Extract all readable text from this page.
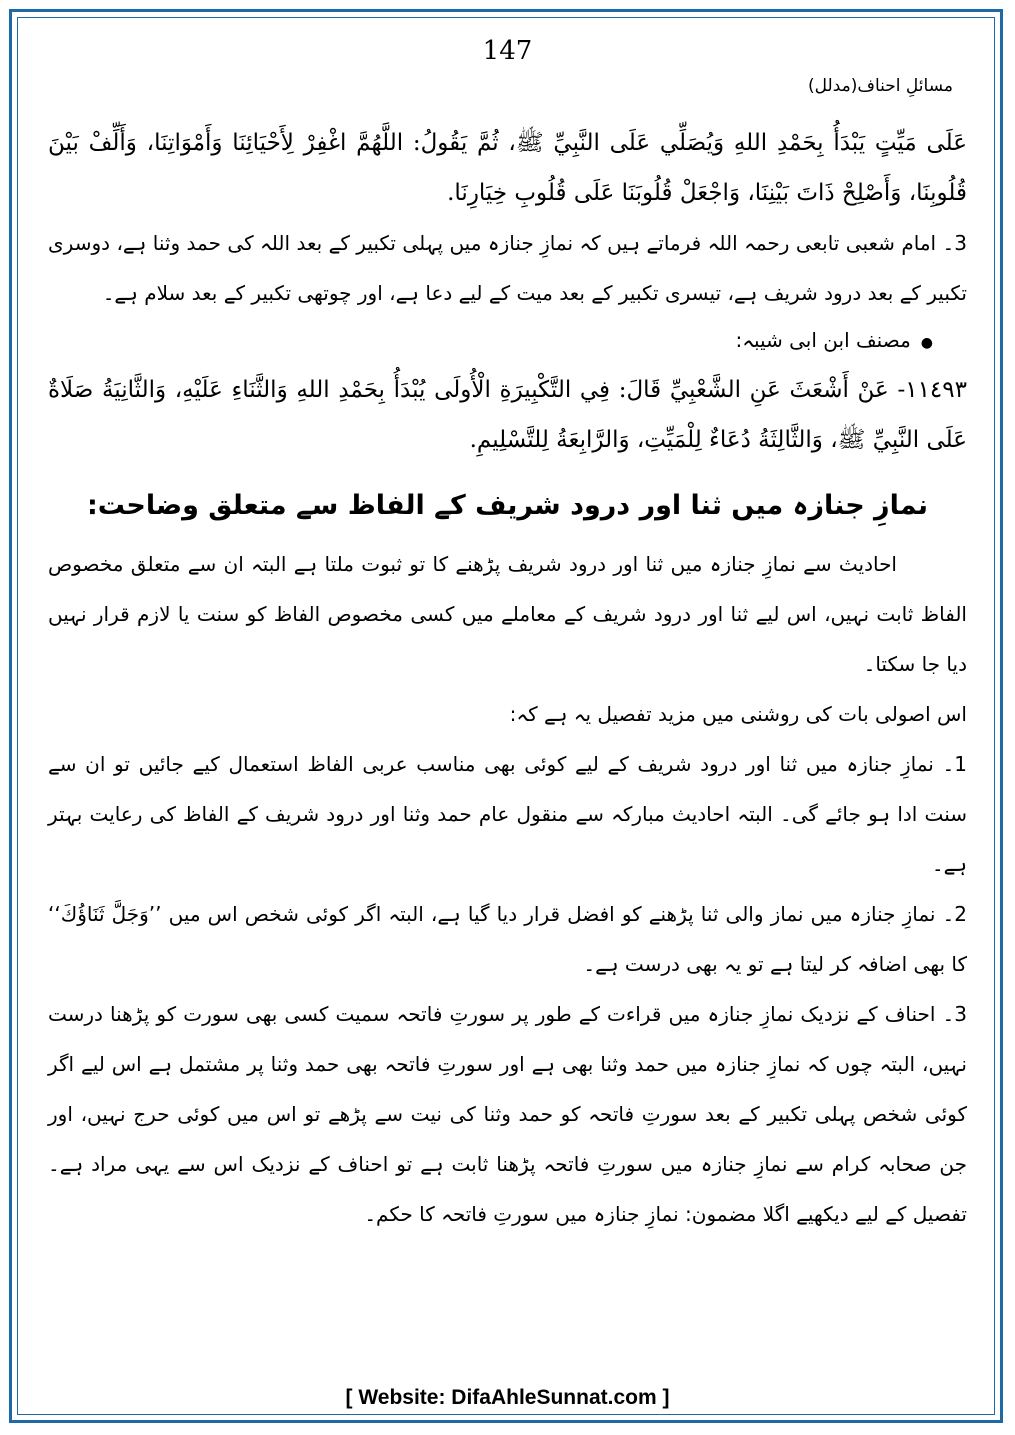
147
مسائلِ احناف(مدلل)

عَلَى مَيِّتٍ يَبْدَأُ بِحَمْدِ اللهِ وَيُصَلِّي عَلَى النَّبِيِّ ﷺ، ثُمَّ يَقُولُ: اللَّهُمَّ اغْفِرْ لِأَحْيَائِنَا وَأَمْوَاتِنَا، وَأَلِّفْ بَيْنَ قُلُوبِنَا، وَأَصْلِحْ ذَاتَ بَيْنِنَا، وَاجْعَلْ قُلُوبَنَا عَلَى قُلُوبِ خِيَارِنَا.

3۔ امام شعبی تابعی رحمہ اللہ فرماتے ہیں کہ نمازِ جنازہ میں پہلی تکبیر کے بعد اللہ کی حمد وثنا ہے، دوسری تکبیر کے بعد درود شریف ہے، تیسری تکبیر کے بعد میت کے لیے دعا ہے، اور چوتھی تکبیر کے بعد سلام ہے۔

●مصنف ابن ابی شیبہ:

١١٤٩٣- عَنْ أَشْعَثَ عَنِ الشَّعْبِيِّ قَالَ: فِي التَّكْبِيرَةِ الْأُولَى يُبْدَأُ بِحَمْدِ اللهِ وَالثَّنَاءِ عَلَيْهِ، وَالثَّانِيَةُ صَلَاةٌ عَلَى النَّبِيِّ ﷺ، وَالثَّالِثَةُ دُعَاءٌ لِلْمَيِّتِ، وَالرَّابِعَةُ لِلتَّسْلِيمِ.

نمازِ جنازہ میں ثنا اور درود شریف کے الفاظ سے متعلق وضاحت:

احادیث سے نمازِ جنازہ میں ثنا اور درود شریف پڑھنے کا تو ثبوت ملتا ہے البتہ ان سے متعلق مخصوص الفاظ ثابت نہیں، اس لیے ثنا اور درود شریف کے معاملے میں کسی مخصوص الفاظ کو سنت یا لازم قرار نہیں دیا جا سکتا۔

اس اصولی بات کی روشنی میں مزید تفصیل یہ ہے کہ:

1۔ نمازِ جنازہ میں ثنا اور درود شریف کے لیے کوئی بھی مناسب عربی الفاظ استعمال کیے جائیں تو ان سے سنت ادا ہو جائے گی۔ البتہ احادیث مبارکہ سے منقول عام حمد وثنا اور درود شریف کے الفاظ کی رعایت بہتر ہے۔

2۔ نمازِ جنازہ میں نماز والی ثنا پڑھنے کو افضل قرار دیا گیا ہے، البتہ اگر کوئی شخص اس میں ’’وَجَلَّ ثَنَاؤُكَ‘‘ کا بھی اضافہ کر لیتا ہے تو یہ بھی درست ہے۔

3۔ احناف کے نزدیک نمازِ جنازہ میں قراءت کے طور پر سورتِ فاتحہ سمیت کسی بھی سورت کو پڑھنا درست نہیں، البتہ چوں کہ نمازِ جنازہ میں حمد وثنا بھی ہے اور سورتِ فاتحہ بھی حمد وثنا پر مشتمل ہے اس لیے اگر کوئی شخص پہلی تکبیر کے بعد سورتِ فاتحہ کو حمد وثنا کی نیت سے پڑھے تو اس میں کوئی حرج نہیں، اور جن صحابہ کرام سے نمازِ جنازہ میں سورتِ فاتحہ پڑھنا ثابت ہے تو احناف کے نزدیک اس سے یہی مراد ہے۔ تفصیل کے لیے دیکھیے اگلا مضمون: نمازِ جنازہ میں سورتِ فاتحہ کا حکم۔

[ Website: DifaAhleSunnat.com ]
